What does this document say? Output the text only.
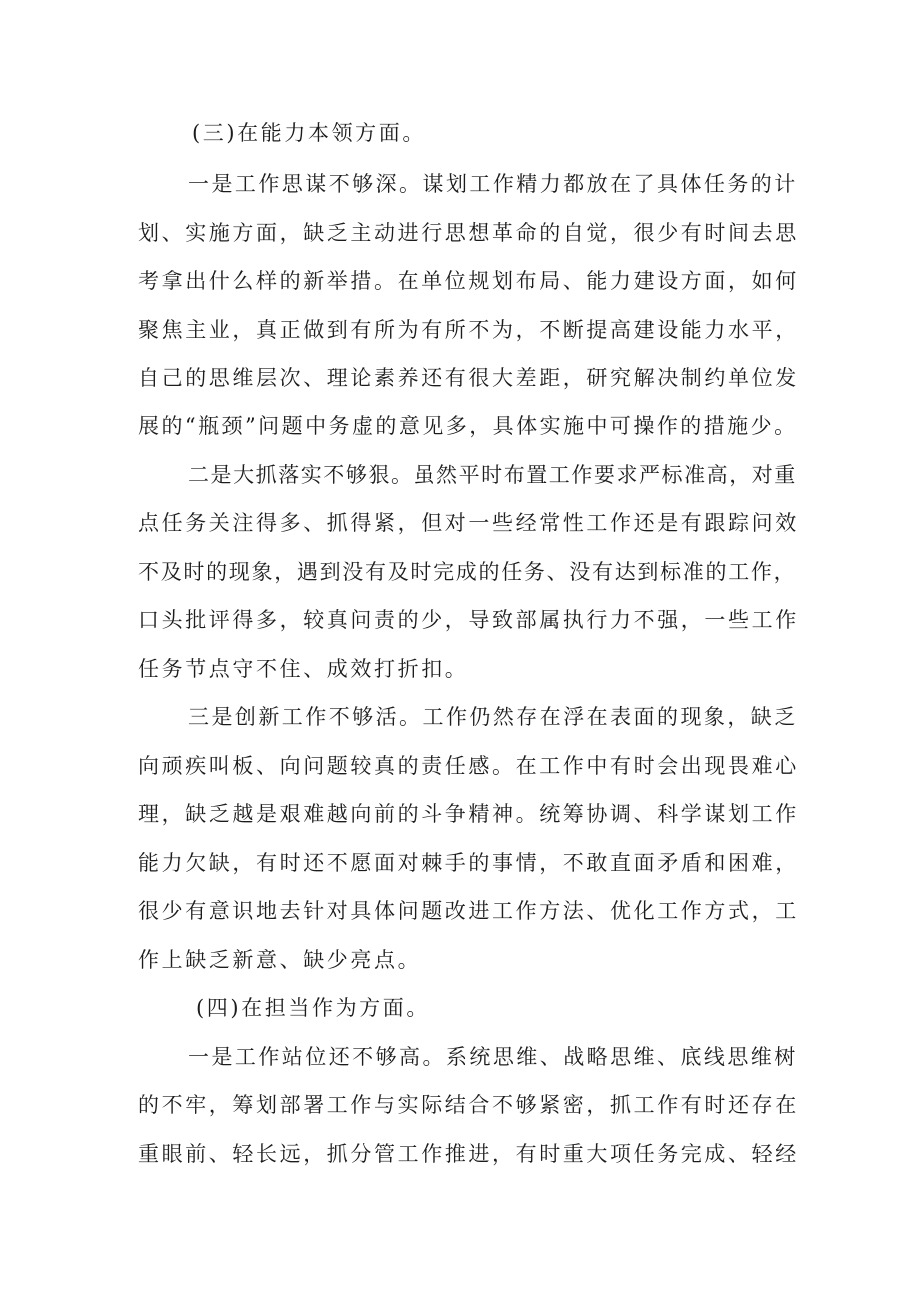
(三)在能力本领方面。
一是工作思谋不够深。谋划工作精力都放在了具体任务的计
划、实施方面，缺乏主动进行思想革命的自觉，很少有时间去思
考拿出什么样的新举措。在单位规划布局、能力建设方面，如何
聚焦主业，真正做到有所为有所不为，不断提高建设能力水平，
自己的思维层次、理论素养还有很大差距，研究解决制约单位发
展的“瓶颈”问题中务虚的意见多，具体实施中可操作的措施少。
二是大抓落实不够狠。虽然平时布置工作要求严标准高，对重
点任务关注得多、抓得紧，但对一些经常性工作还是有跟踪问效
不及时的现象，遇到没有及时完成的任务、没有达到标准的工作，
口头批评得多，较真问责的少，导致部属执行力不强，一些工作
任务节点守不住、成效打折扣。
三是创新工作不够活。工作仍然存在浮在表面的现象，缺乏
向顽疾叫板、向问题较真的责任感。在工作中有时会出现畏难心
理，缺乏越是艰难越向前的斗争精神。统筹协调、科学谋划工作
能力欠缺，有时还不愿面对棘手的事情，不敢直面矛盾和困难，
很少有意识地去针对具体问题改进工作方法、优化工作方式，工
作上缺乏新意、缺少亮点。
(四)在担当作为方面。
一是工作站位还不够高。系统思维、战略思维、底线思维树
的不牢，筹划部署工作与实际结合不够紧密，抓工作有时还存在
重眼前、轻长远，抓分管工作推进，有时重大项任务完成、轻经
